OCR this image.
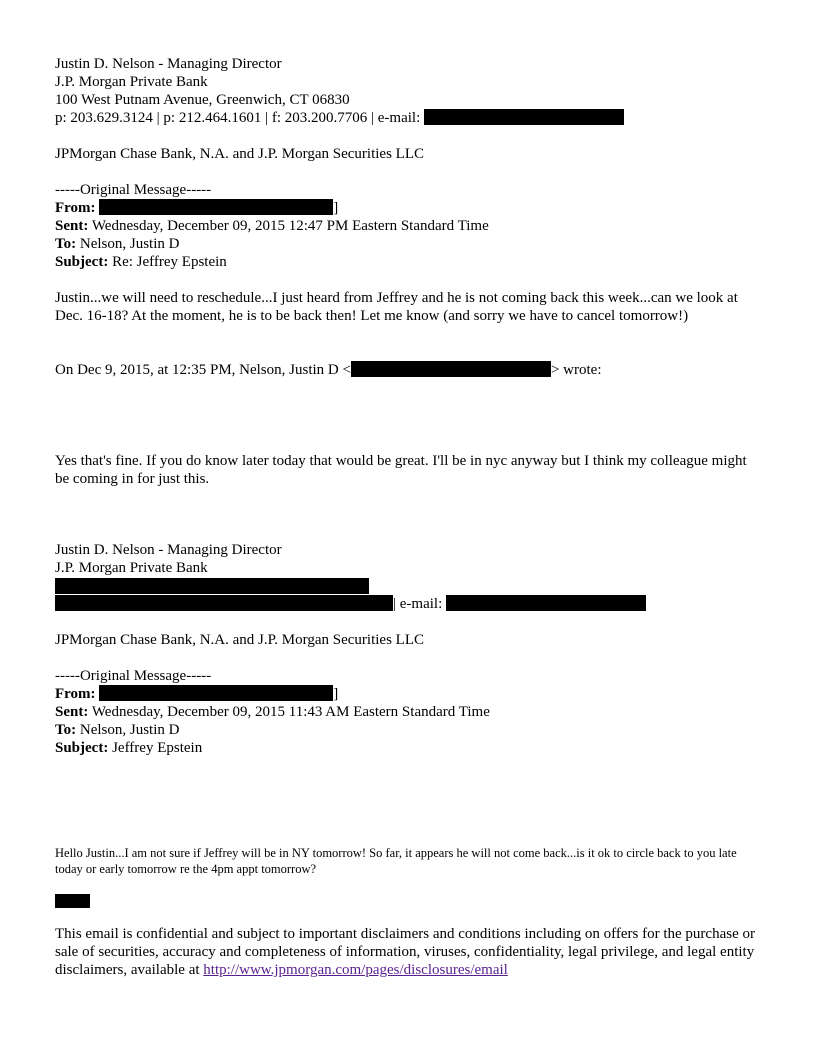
Justin D. Nelson - Managing Director
J.P. Morgan Private Bank
100 West Putnam Avenue, Greenwich, CT 06830
p: 203.629.3124 | p: 212.464.1601 | f: 203.200.7706 | e-mail:
JPMorgan Chase Bank, N.A. and J.P. Morgan Securities LLC
-----Original Message-----
From:	]
Sent: Wednesday, December 09, 2015 12:47 PM Eastern Standard Time
To: Nelson, Justin D
Subject: Re: Jeffrey Epstein
Justin...we will need to reschedule...I just heard from Jeffrey and he is not coming back this week...can we look at Dec. 16-18? At the moment, he is to be back then! Let me know (and sorry we have to cancel tomorrow!)
On Dec 9, 2015, at 12:35 PM, Nelson, Justin D <	> wrote:
Yes that's fine. If you do know later today that would be great. I'll be in nyc anyway but I think my colleague might be coming in for just this.
Justin D. Nelson - Managing Director
J.P. Morgan Private Bank
| e-mail:
JPMorgan Chase Bank, N.A. and J.P. Morgan Securities LLC
-----Original Message-----
From:	]
Sent: Wednesday, December 09, 2015 11:43 AM Eastern Standard Time
To: Nelson, Justin D
Subject: Jeffrey Epstein
Hello Justin...I am not sure if Jeffrey will be in NY tomorrow! So far, it appears he will not come back...is it ok to circle back to you late today or early tomorrow re the 4pm appt tomorrow?
This email is confidential and subject to important disclaimers and conditions including on offers for the purchase or sale of securities, accuracy and completeness of information, viruses, confidentiality, legal privilege, and legal entity disclaimers, available at http://www.jpmorgan.com/pages/disclosures/email
